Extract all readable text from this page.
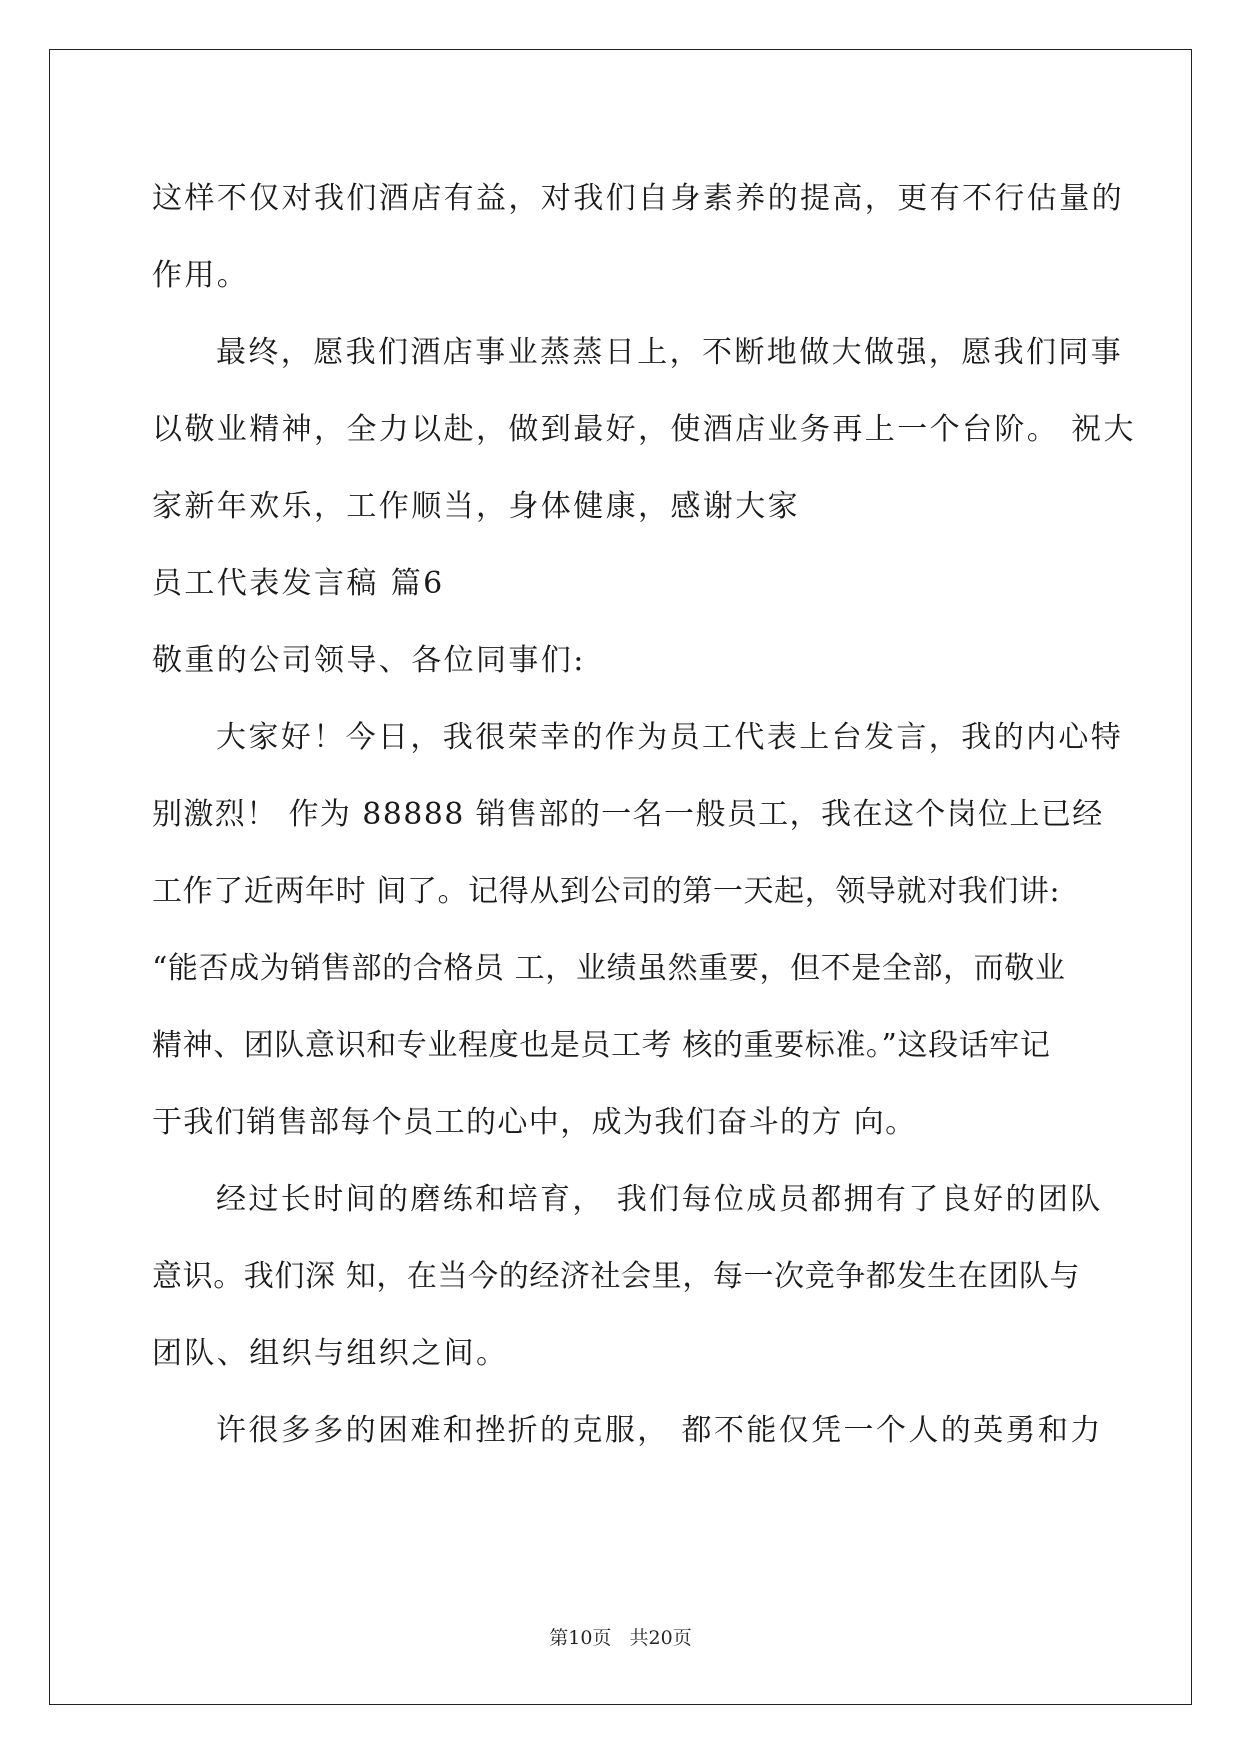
这样不仅对我们酒店有益，对我们自身素养的提高，更有不行估量的
作用。
最终，愿我们酒店事业蒸蒸日上，不断地做大做强，愿我们同事
以敬业精神，全力以赴，做到最好，使酒店业务再上一个台阶。 祝大
家新年欢乐，工作顺当，身体健康，感谢大家
员工代表发言稿 篇6
敬重的公司领导、各位同事们:
大家好！今日，我很荣幸的作为员工代表上台发言，我的内心特
别激烈！ 作为 88888 销售部的一名一般员工，我在这个岗位上已经
工作了近两年时 间了。记得从到公司的第一天起，领导就对我们讲:
“能否成为销售部的合格员 工，业绩虽然重要，但不是全部，而敬业
精神、团队意识和专业程度也是员工考 核的重要标准。”这段话牢记
于我们销售部每个员工的心中，成为我们奋斗的方 向。
经过长时间的磨练和培育， 我们每位成员都拥有了良好的团队
意识。我们深 知，在当今的经济社会里，每一次竞争都发生在团队与
团队、组织与组织之间。
许很多多的困难和挫折的克服， 都不能仅凭一个人的英勇和力
第10页   共20页
